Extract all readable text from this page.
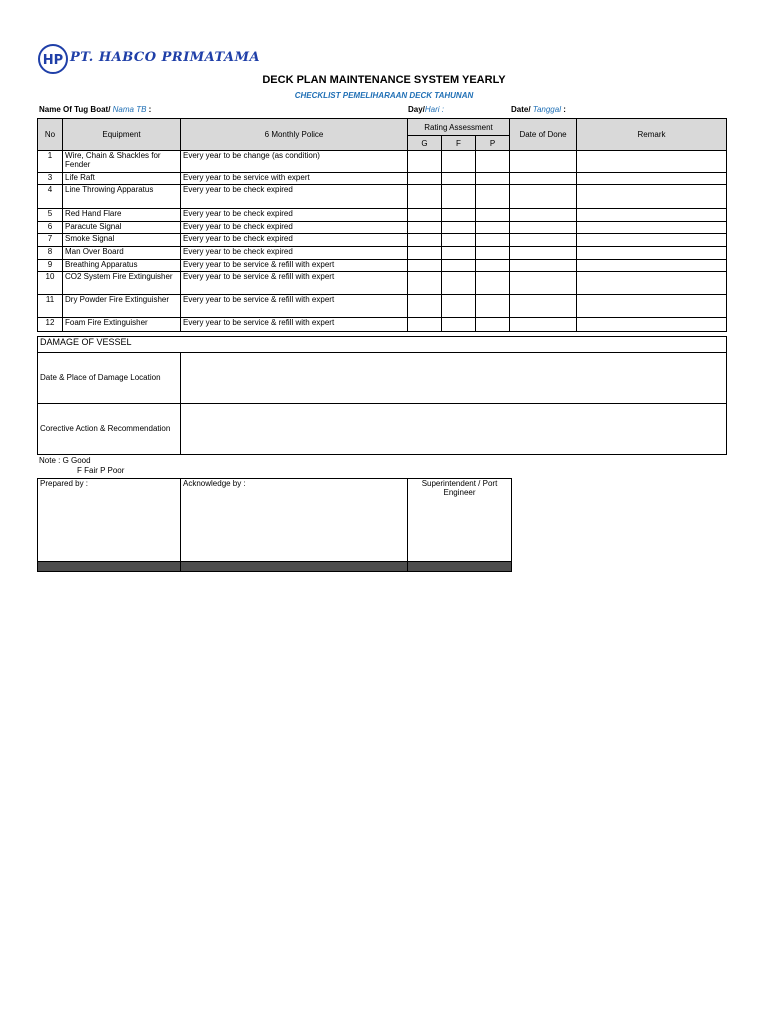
HP PT. HABCO PRIMATAMA
DECK PLAN MAINTENANCE SYSTEM YEARLY
CHECKLIST PEMELIHARAAN DECK TAHUNAN
Name Of Tug Boat/ Nama TB :	Day/Hari :	Date/ Tanggal :
No	Equipment	6 Monthly Police	Rating Assessment			Date of Done	Remark
			G	F	P		
1	Wire, Chain & Shackles for Fender	Every year to be change (as condition)					
3	Life Raft	Every year to be service with expert					
4	Line Throwing Apparatus	Every year to be check expired					
5	Red Hand Flare	Every year to be check expired					
6	Paracute Signal	Every year to be check expired					
7	Smoke Signal	Every year to be check expired					
8	Man Over Board	Every year to be check expired					
9	Breathing Apparatus	Every year to be service & refill with expert					
10	CO2 System Fire Extinguisher	Every year to be service & refill with expert					
11	Dry Powder Fire Extinguisher	Every year to be service & refill with expert					
12	Foam Fire Extinguisher	Every year to be service & refill with expert					
DAMAGE OF VESSEL	
Date & Place of Damage Location	
Corective Action & Recommendation	
Note : G Good
F Fair P Poor
Prepared by :	Acknowledge by :	Superintendent / Port Engineer
